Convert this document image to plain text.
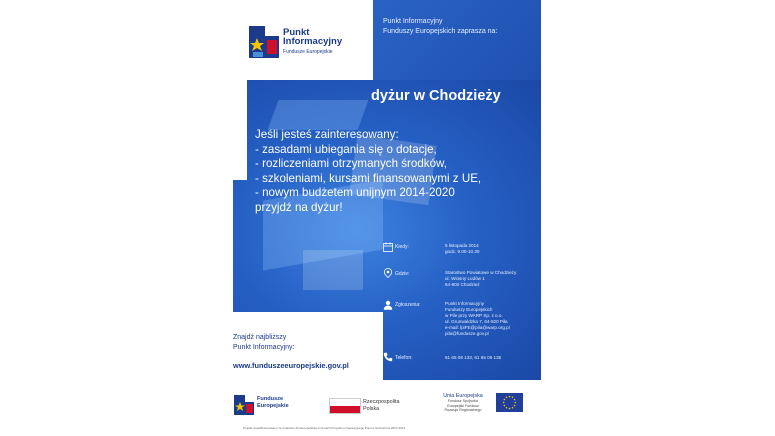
Punkt
Informacyjny
Fundusze Europejskie
Punkt Informacyjny
Funduszy Europejskich zaprasza na:
dyżur w Chodzieży
Jeśli jesteś zainteresowany:
- zasadami ubiegania się o dotacje,
- rozliczeniami otrzymanych środków,
- szkoleniami, kursami finansowanymi z UE,
- nowym budżetem unijnym 2014-2020
przyjdź na dyżur!
Kiedy:	5 listopada 2014
godz. 9.00-10.30
Gdzie:	Starostwo Powiatowe w Chodzieży
ul. Wiosny Ludów 1
64-800 Chodzież
Zgłoszenia:	Punkt Informacyjny
Funduszy Europejskich
w Pile przy WARP Sp. z o.o.
ul. Grunwaldzka 7, 64-920 Piła
e-mail: lpiFE@pila@warp.org.pl
pila@fundusze.gov.pl
Telefon:	61 65 06 133, 61 65 06 135
Znajdź najbliższy
Punkt Informacyjny:
www.funduszeeuropejskie.gov.pl
Fundusze
Europejskie
Rzeczpospolita
Polska
Unia Europejska
Fundusz Spójności
Europejski Fundusz
Rozwoju Regionalnego
Projekt współfinansowany ze środków Unii Europejskiej w ramach Programu Operacyjnego Pomoc Techniczna 2007-2013
